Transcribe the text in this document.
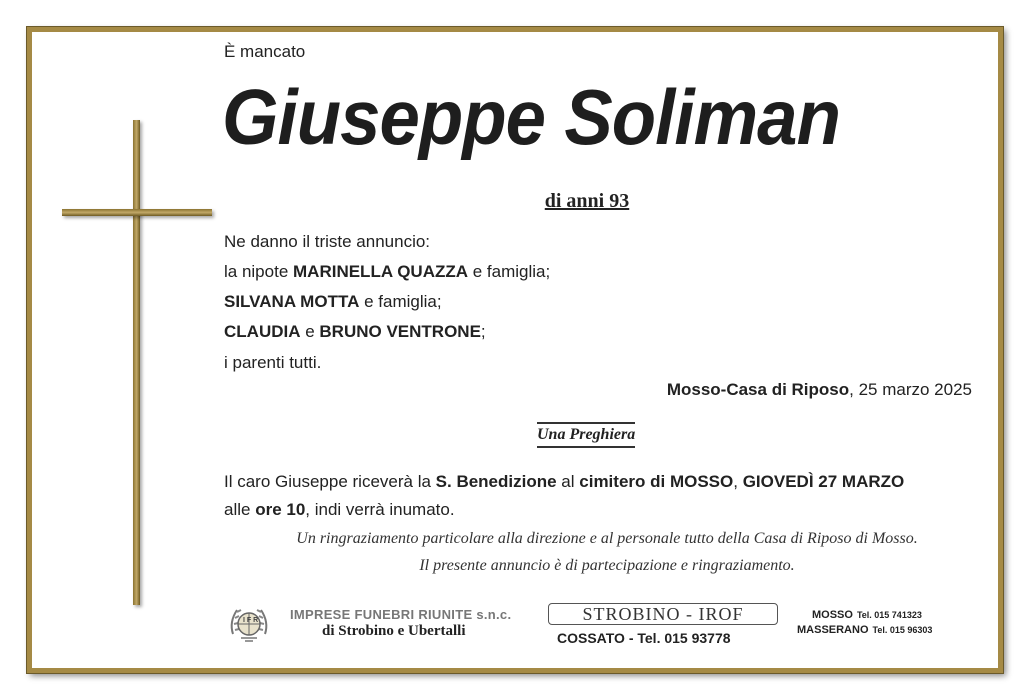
È mancato
Giuseppe Soliman
di anni 93
Ne danno il triste annuncio:
la nipote MARINELLA QUAZZA e famiglia;
SILVANA MOTTA e famiglia;
CLAUDIA e BRUNO VENTRONE;
i parenti tutti.
Mosso-Casa di Riposo, 25 marzo 2025
Una Preghiera
Il caro Giuseppe riceverà la S. Benedizione al cimitero di MOSSO, GIOVEDÌ 27 MARZO
alle ore 10, indi verrà inumato.
Un ringraziamento particolare alla direzione e al personale tutto della Casa di Riposo di Mosso.
Il presente annuncio è di partecipazione e ringraziamento.
I F R IMPRESE FUNEBRI RIUNITE s.n.c.
di Strobino e Ubertalli
STROBINO - IROF
COSSATO - Tel. 015 93778
MOSSO Tel. 015 741323
MASSERANO Tel. 015 96303
